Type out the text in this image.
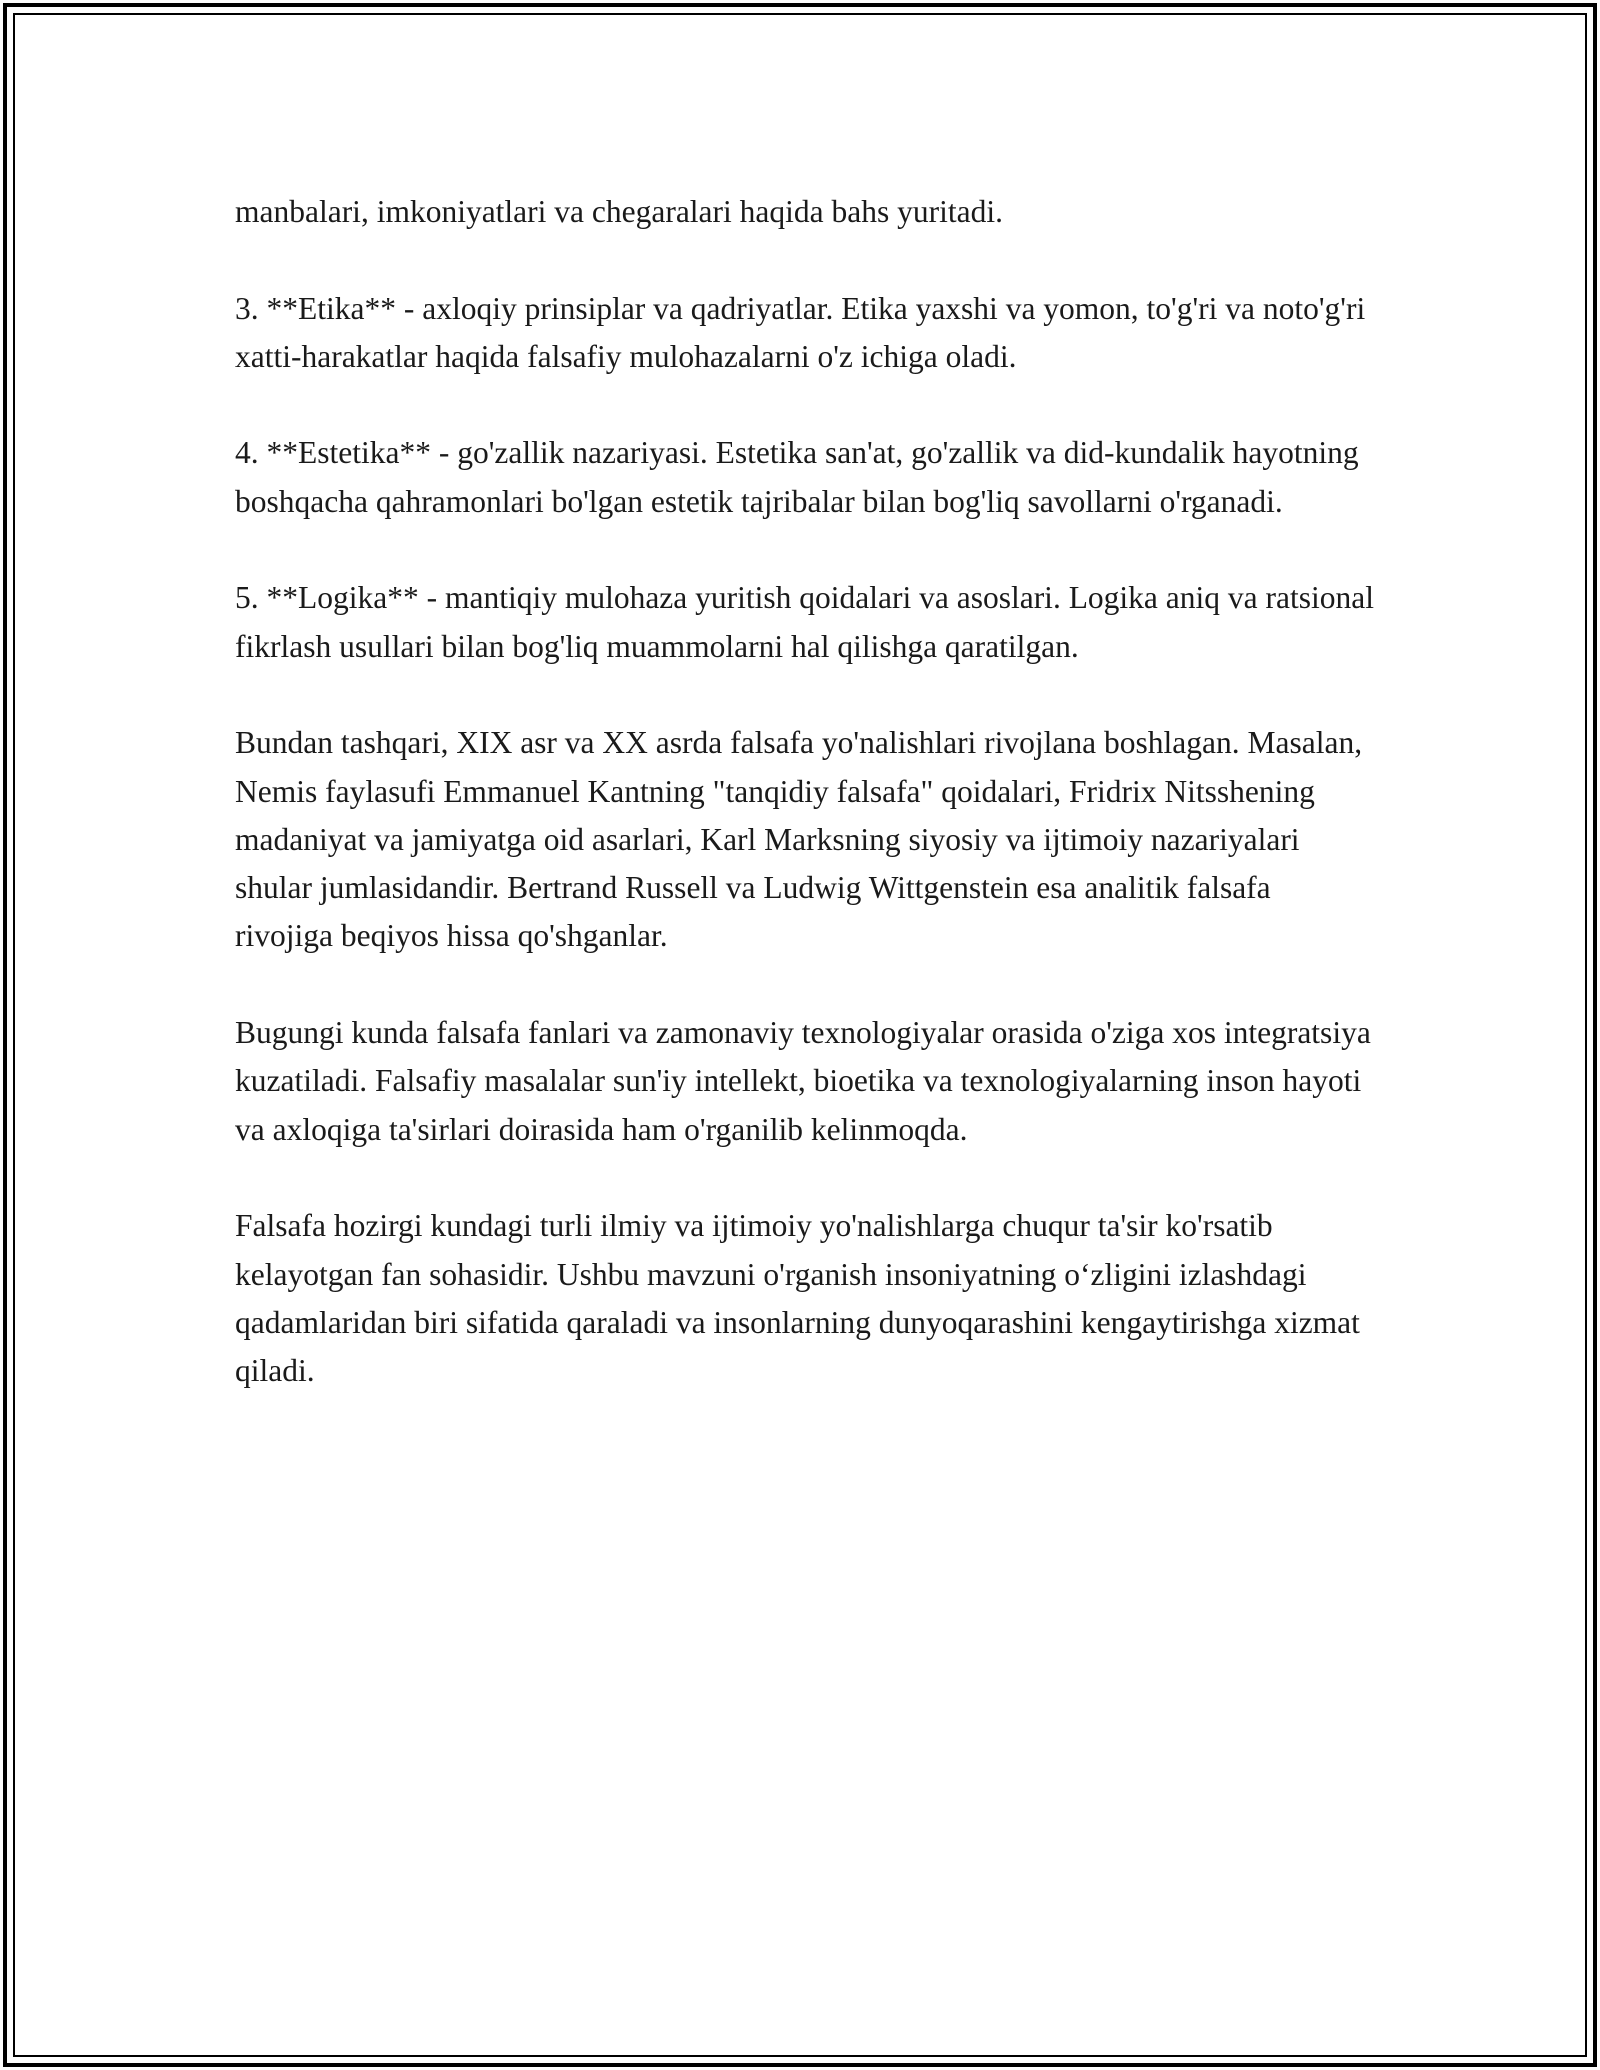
manbalari, imkoniyatlari va chegaralari haqida bahs yuritadi.

3. **Etika** - axloqiy prinsiplar va qadriyatlar. Etika yaxshi va yomon, to'g'ri va noto'g'ri xatti-harakatlar haqida falsafiy mulohazalarni o'z ichiga oladi.

4. **Estetika** - go'zallik nazariyasi. Estetika san'at, go'zallik va did-kundalik hayotning boshqacha qahramonlari bo'lgan estetik tajribalar bilan bog'liq savollarni o'rganadi.

5. **Logika** - mantiqiy mulohaza yuritish qoidalari va asoslari. Logika aniq va ratsional fikrlash usullari bilan bog'liq muammolarni hal qilishga qaratilgan.

Bundan tashqari, XIX asr va XX asrda falsafa yo'nalishlari rivojlana boshlagan. Masalan, Nemis faylasufi Emmanuel Kantning "tanqidiy falsafa" qoidalari, Fridrix Nitsshening madaniyat va jamiyatga oid asarlari, Karl Marksning siyosiy va ijtimoiy nazariyalari shular jumlasidandir. Bertrand Russell va Ludwig Wittgenstein esa analitik falsafa rivojiga beqiyos hissa qo'shganlar.

Bugungi kunda falsafa fanlari va zamonaviy texnologiyalar orasida o'ziga xos integratsiya kuzatiladi. Falsafiy masalalar sun'iy intellekt, bioetika va texnologiyalarning inson hayoti va axloqiga ta'sirlari doirasida ham o'rganilib kelinmoqda.

Falsafa hozirgi kundagi turli ilmiy va ijtimoiy yo'nalishlarga chuqur ta'sir ko'rsatib kelayotgan fan sohasidir. Ushbu mavzuni o'rganish insoniyatning o‘zligini izlashdagi qadamlaridan biri sifatida qaraladi va insonlarning dunyoqarashini kengaytirishga xizmat qiladi.
